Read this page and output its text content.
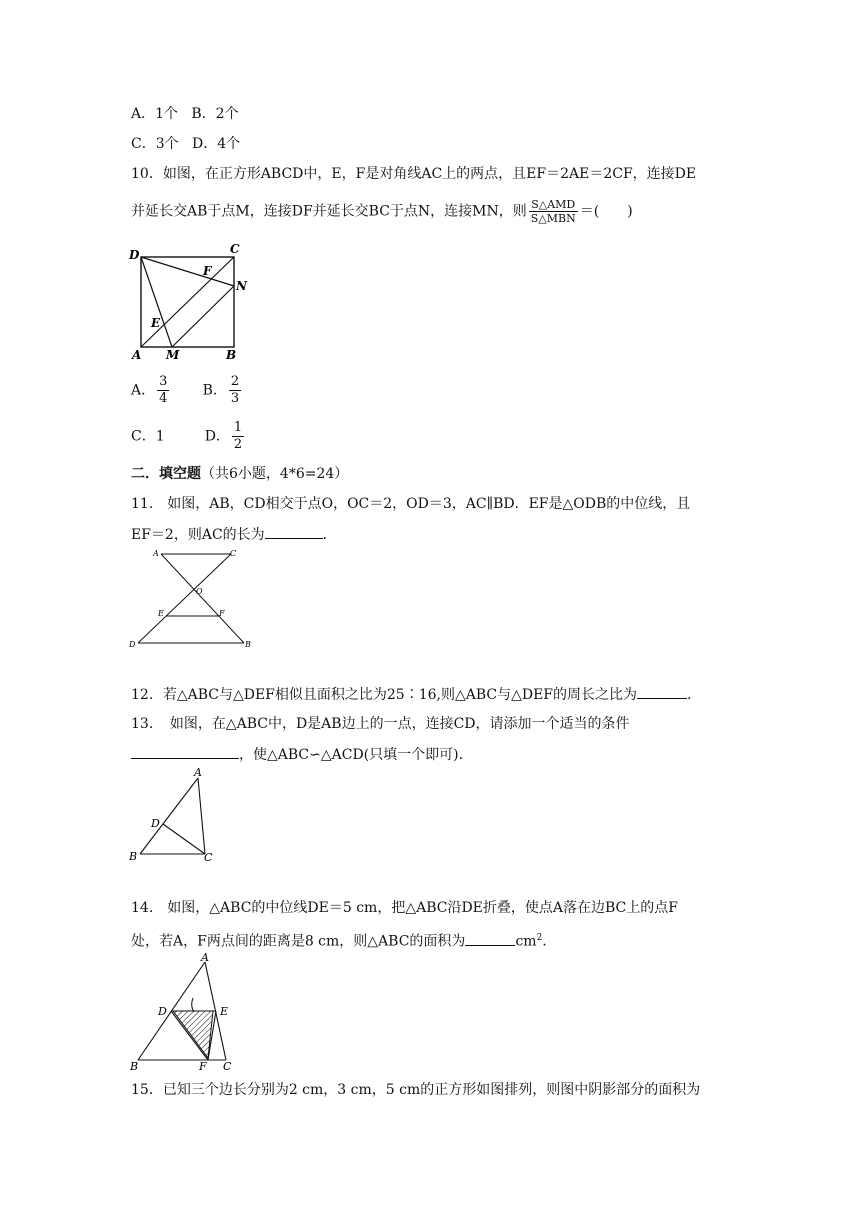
A．1个 B．2个
C．3个 D．4个
10．如图，在正方形ABCD中，E，F是对角线AC上的两点，且EF＝2AE＝2CF，连接DE
并延长交AB于点M，连接DF并延长交BC于点N，连接MN，则 $\frac{\text{S△AMD}}{\text{S△MBN}}$ ＝(　　)
D	C
A M	B
E
F
N
A． $\frac{3}{4}$ B． $\frac{2}{3}$
C．1	D． $\frac{1}{2}$
二．填空题（共6小题，4*6=24）
11.　如图，AB，CD相交于点O，OC＝2，OD＝3，AC∥BD．EF是△ODB的中位线，且
EF＝2，则AC的长为	.
A	C
O
E	F
D	B
12．若△ABC与△DEF相似且面积之比为25∶16,则△ABC与△DEF的周长之比为	.
13．　如图，在△ABC中，D是AB边上的一点，连接CD，请添加一个适当的条件
，使△ABC∽△ACD(只填一个即可).
A
D
B	C
14.　如图，△ABC的中位线DE＝5 cm，把△ABC沿DE折叠，使点A落在边BC上的点F
处，若A，F两点间的距离是8 cm，则△ABC的面积为	$cm^2$.
A
D	E
B	F C
15．已知三个边长分别为2 cm，3 cm，5 cm的正方形如图排列，则图中阴影部分的面积为
